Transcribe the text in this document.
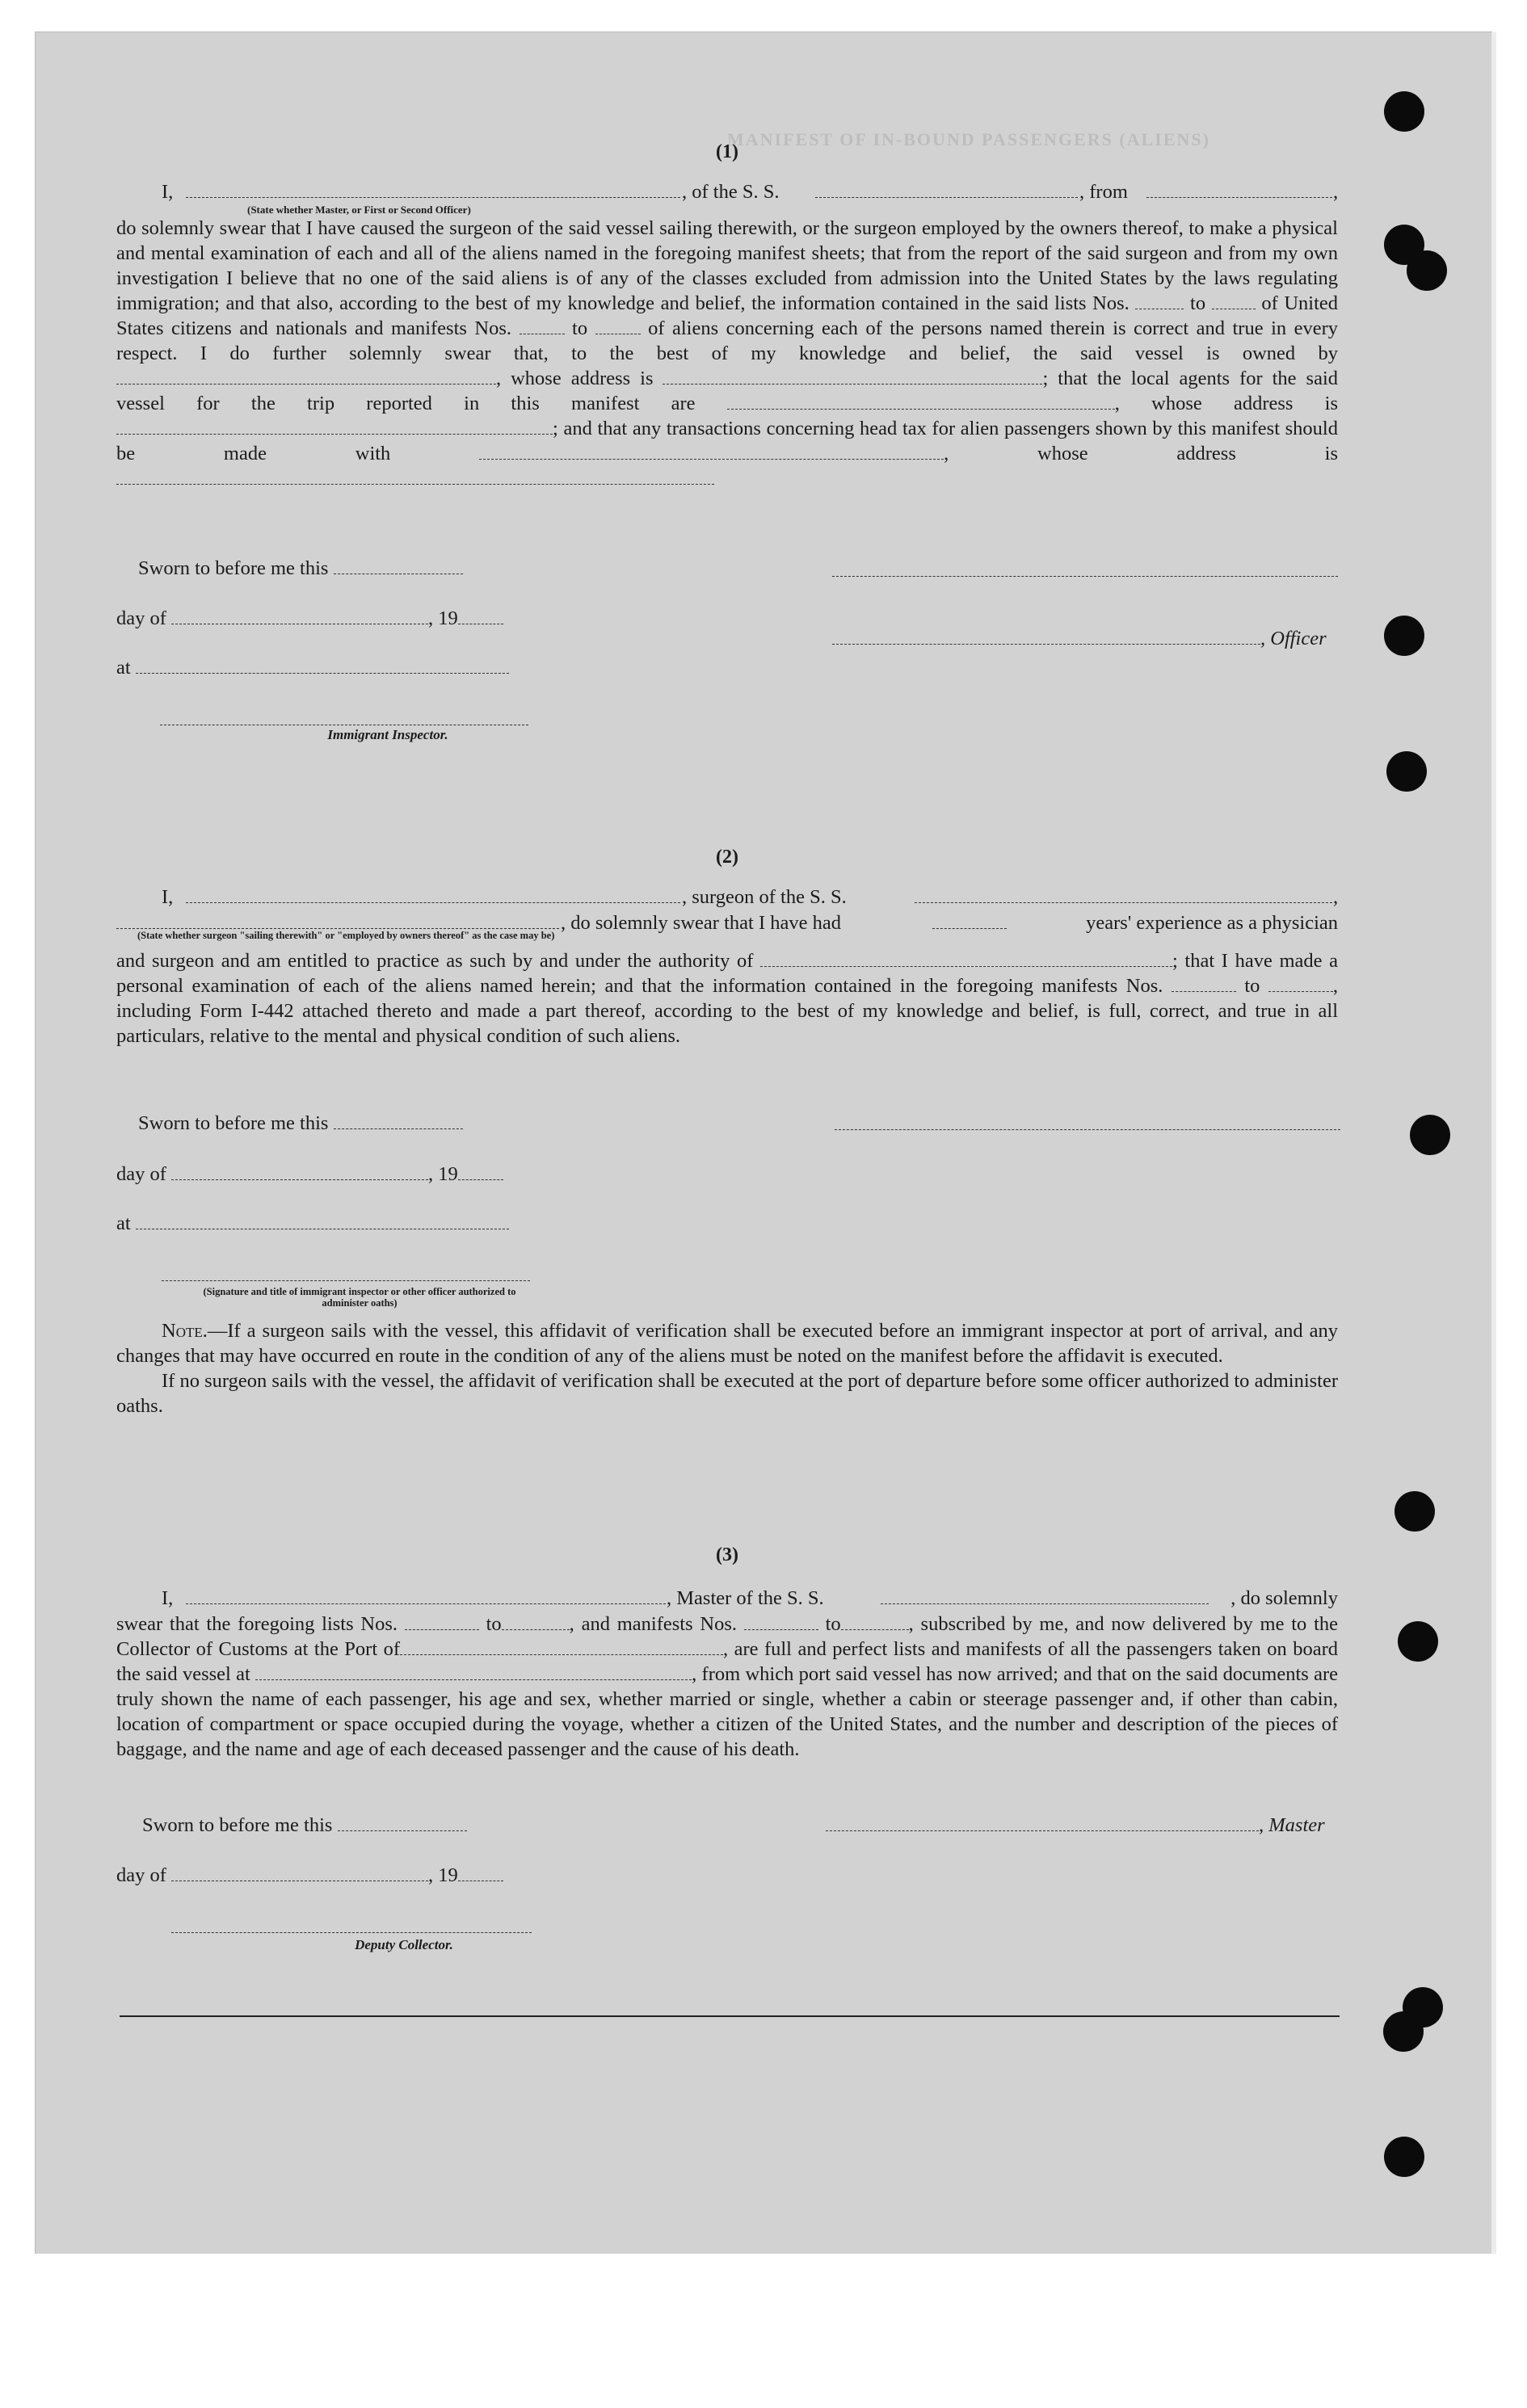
MANIFEST OF IN-BOUND PASSENGERS (ALIENS)
(1)
I,	, of the S. S.	, from	,
(State whether Master, or First or Second Officer)

do solemnly swear that I have caused the surgeon of the said vessel sailing therewith, or the surgeon employed by the owners thereof, to make a physical and mental examination of each and all of the aliens named in the foregoing manifest sheets; that from the report of the said surgeon and from my own investigation I believe that no one of the said aliens is of any of the classes excluded from admission into the United States by the laws regulating immigration; and that also, according to the best of my knowledge and belief, the information contained in the said lists Nos.	to	of United States citizens and nationals and manifests Nos.	to	of aliens concerning each of the persons named therein is correct and true in every respect. I do further solemnly swear that, to the best of my knowledge and belief, the said vessel is owned by , whose address is	; that the local agents for the said vessel for the trip reported in this manifest are	, whose address is ; and that any transactions concerning head tax for alien passengers shown by this manifest should be made with	, whose address is

Sworn to before me this
day of	, 19
, Officer
at
Immigrant Inspector.
(2)
I,	, surgeon of the S. S.	,
, do solemnly swear that I have had	years' experience as a physician
(State whether surgeon "sailing therewith" or "employed by owners thereof" as the case may be)

and surgeon and am entitled to practice as such by and under the authority of	; that I have made a personal examination of each of the aliens named herein; and that the information contained in the foregoing manifests Nos.	to	, including Form I-442 attached thereto and made a part thereof, according to the best of my knowledge and belief, is full, correct, and true in all particulars, relative to the mental and physical condition of such aliens.

Sworn to before me this
day of	, 19
at
(Signature and title of immigrant inspector or other officer authorized to administer oaths)

Note.—If a surgeon sails with the vessel, this affidavit of verification shall be executed before an immigrant inspector at port of arrival, and any changes that may have occurred en route in the condition of any of the aliens must be noted on the manifest before the affidavit is executed.

If no surgeon sails with the vessel, the affidavit of verification shall be executed at the port of departure before some officer authorized to administer oaths.

(3)
I,	, Master of the S. S.	, do solemnly

swear that the foregoing lists Nos.	to	, and manifests Nos.	to	, subscribed by me, and now delivered by me to the Collector of Customs at the Port of	, are full and perfect lists and manifests of all the passengers taken on board the said vessel at	, from which port said vessel has now arrived; and that on the said documents are truly shown the name of each passenger, his age and sex, whether married or single, whether a cabin or steerage passenger and, if other than cabin, location of compartment or space occupied during the voyage, whether a citizen of the United States, and the number and description of the pieces of baggage, and the name and age of each deceased passenger and the cause of his death.

Sworn to before me this	, Master
day of	, 19
Deputy Collector.
